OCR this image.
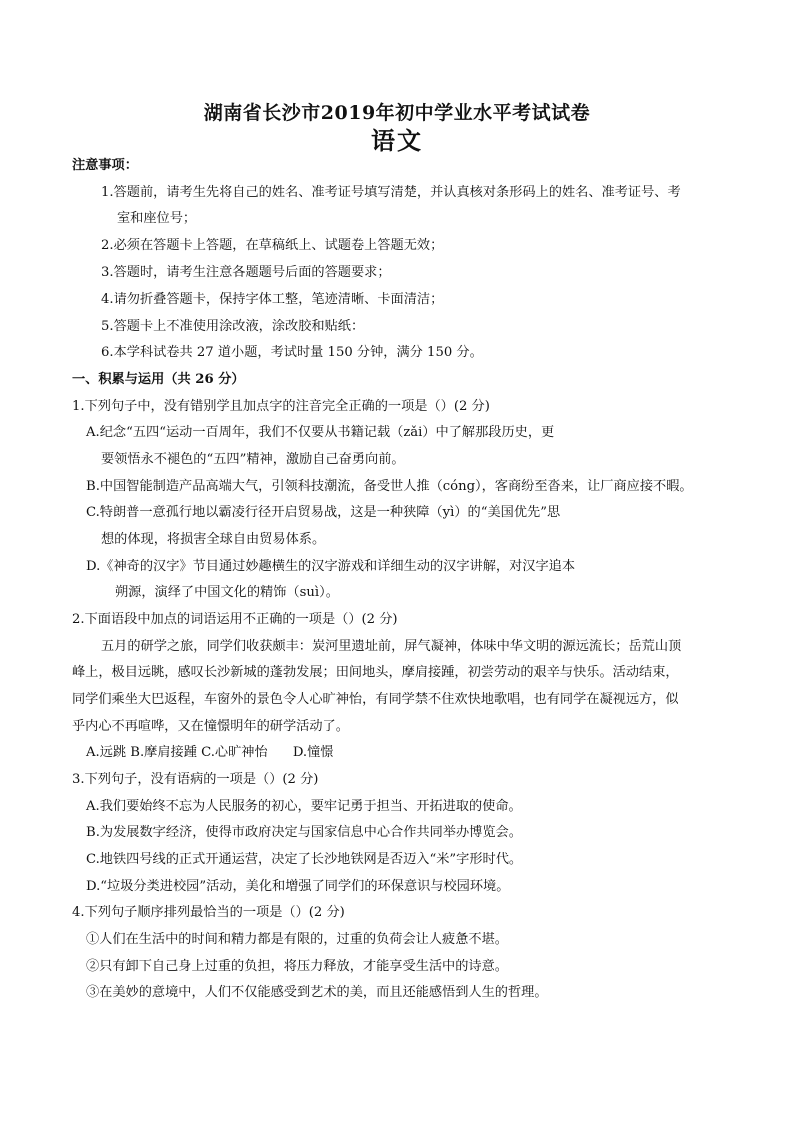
湖南省长沙市2019年初中学业水平考试试卷
语文
注意事项：
1.答题前，请考生先将自己的姓名、准考证号填写清楚，并认真核对条形码上的姓名、准考证号、考
室和座位号；
2.必须在答题卡上答题，在草稿纸上、试题卷上答题无效；
3.答题时，请考生注意各题题号后面的答题要求；
4.请勿折叠答题卡，保持字体工整，笔迹清晰、卡面清洁；
5.答题卡上不准使用涂改液，涂改胶和贴纸：
6.本学科试卷共 27 道小题，考试时量 150 分钟，满分 150 分。
一、积累与运用（共 26 分）
1.下列句子中，没有错别学且加点字的注音完全正确的一项是（）(2 分)
A.纪念“五四“运动一百周年，我们不仅要从书籍记载（zǎi）中了解那段历史，更
要领悟永不褪色的“五四”精神，激励自己奋勇向前。
B.中国智能制造产品高端大气，引领科技潮流，备受世人推（cóng），客商纷至沓来，让厂商应接不暇。
C.特朗普一意孤行地以霸凌行径开启贸易战，这是一种狭障（yì）的“美国优先”思
想的体现，将损害全球自由贸易体系。
D.《神奇的汉字》节目通过妙趣横生的汉字游戏和详细生动的汉字讲解，对汉字追本
朔源，演绎了中国文化的精饰（suì）。
2.下面语段中加点的词语运用不正确的一项是（）(2 分)
五月的研学之旅，同学们收获颇丰：炭河里遗址前，屏气凝神，体味中华文明的源远流长；岳荒山顶
峰上，极目远眺，感叹长沙新城的蓬勃发展；田间地头，摩肩接踵，初尝劳动的艰辛与快乐。活动结束，
同学们乘坐大巴返程，车窗外的景色令人心旷神怡，有同学禁不住欢快地歌唱，也有同学在凝视远方，似
乎内心不再喧哗，又在憧憬明年的研学活动了。
A.远跳 B.摩肩接踵 C.心旷神怡      D.憧憬
3.下列句子，没有语病的一项是（）(2 分)
A.我们要始终不忘为人民服务的初心，要牢记勇于担当、开拓进取的使命。
B.为发展数字经济，使得市政府决定与国家信息中心合作共同举办博览会。
C.地铁四号线的正式开通运营，决定了长沙地铁网是否迈入“米”字形时代。
D.“垃圾分类进校园”活动，美化和增强了同学们的环保意识与校园环境。
4.下列句子顺序排列最恰当的一项是（）(2 分)
①人们在生活中的时间和精力都是有限的，过重的负荷会让人疲惫不堪。
②只有卸下自己身上过重的负担，将压力释放，才能享受生活中的诗意。
③在美妙的意境中，人们不仅能感受到艺术的美，而且还能感悟到人生的哲理。
